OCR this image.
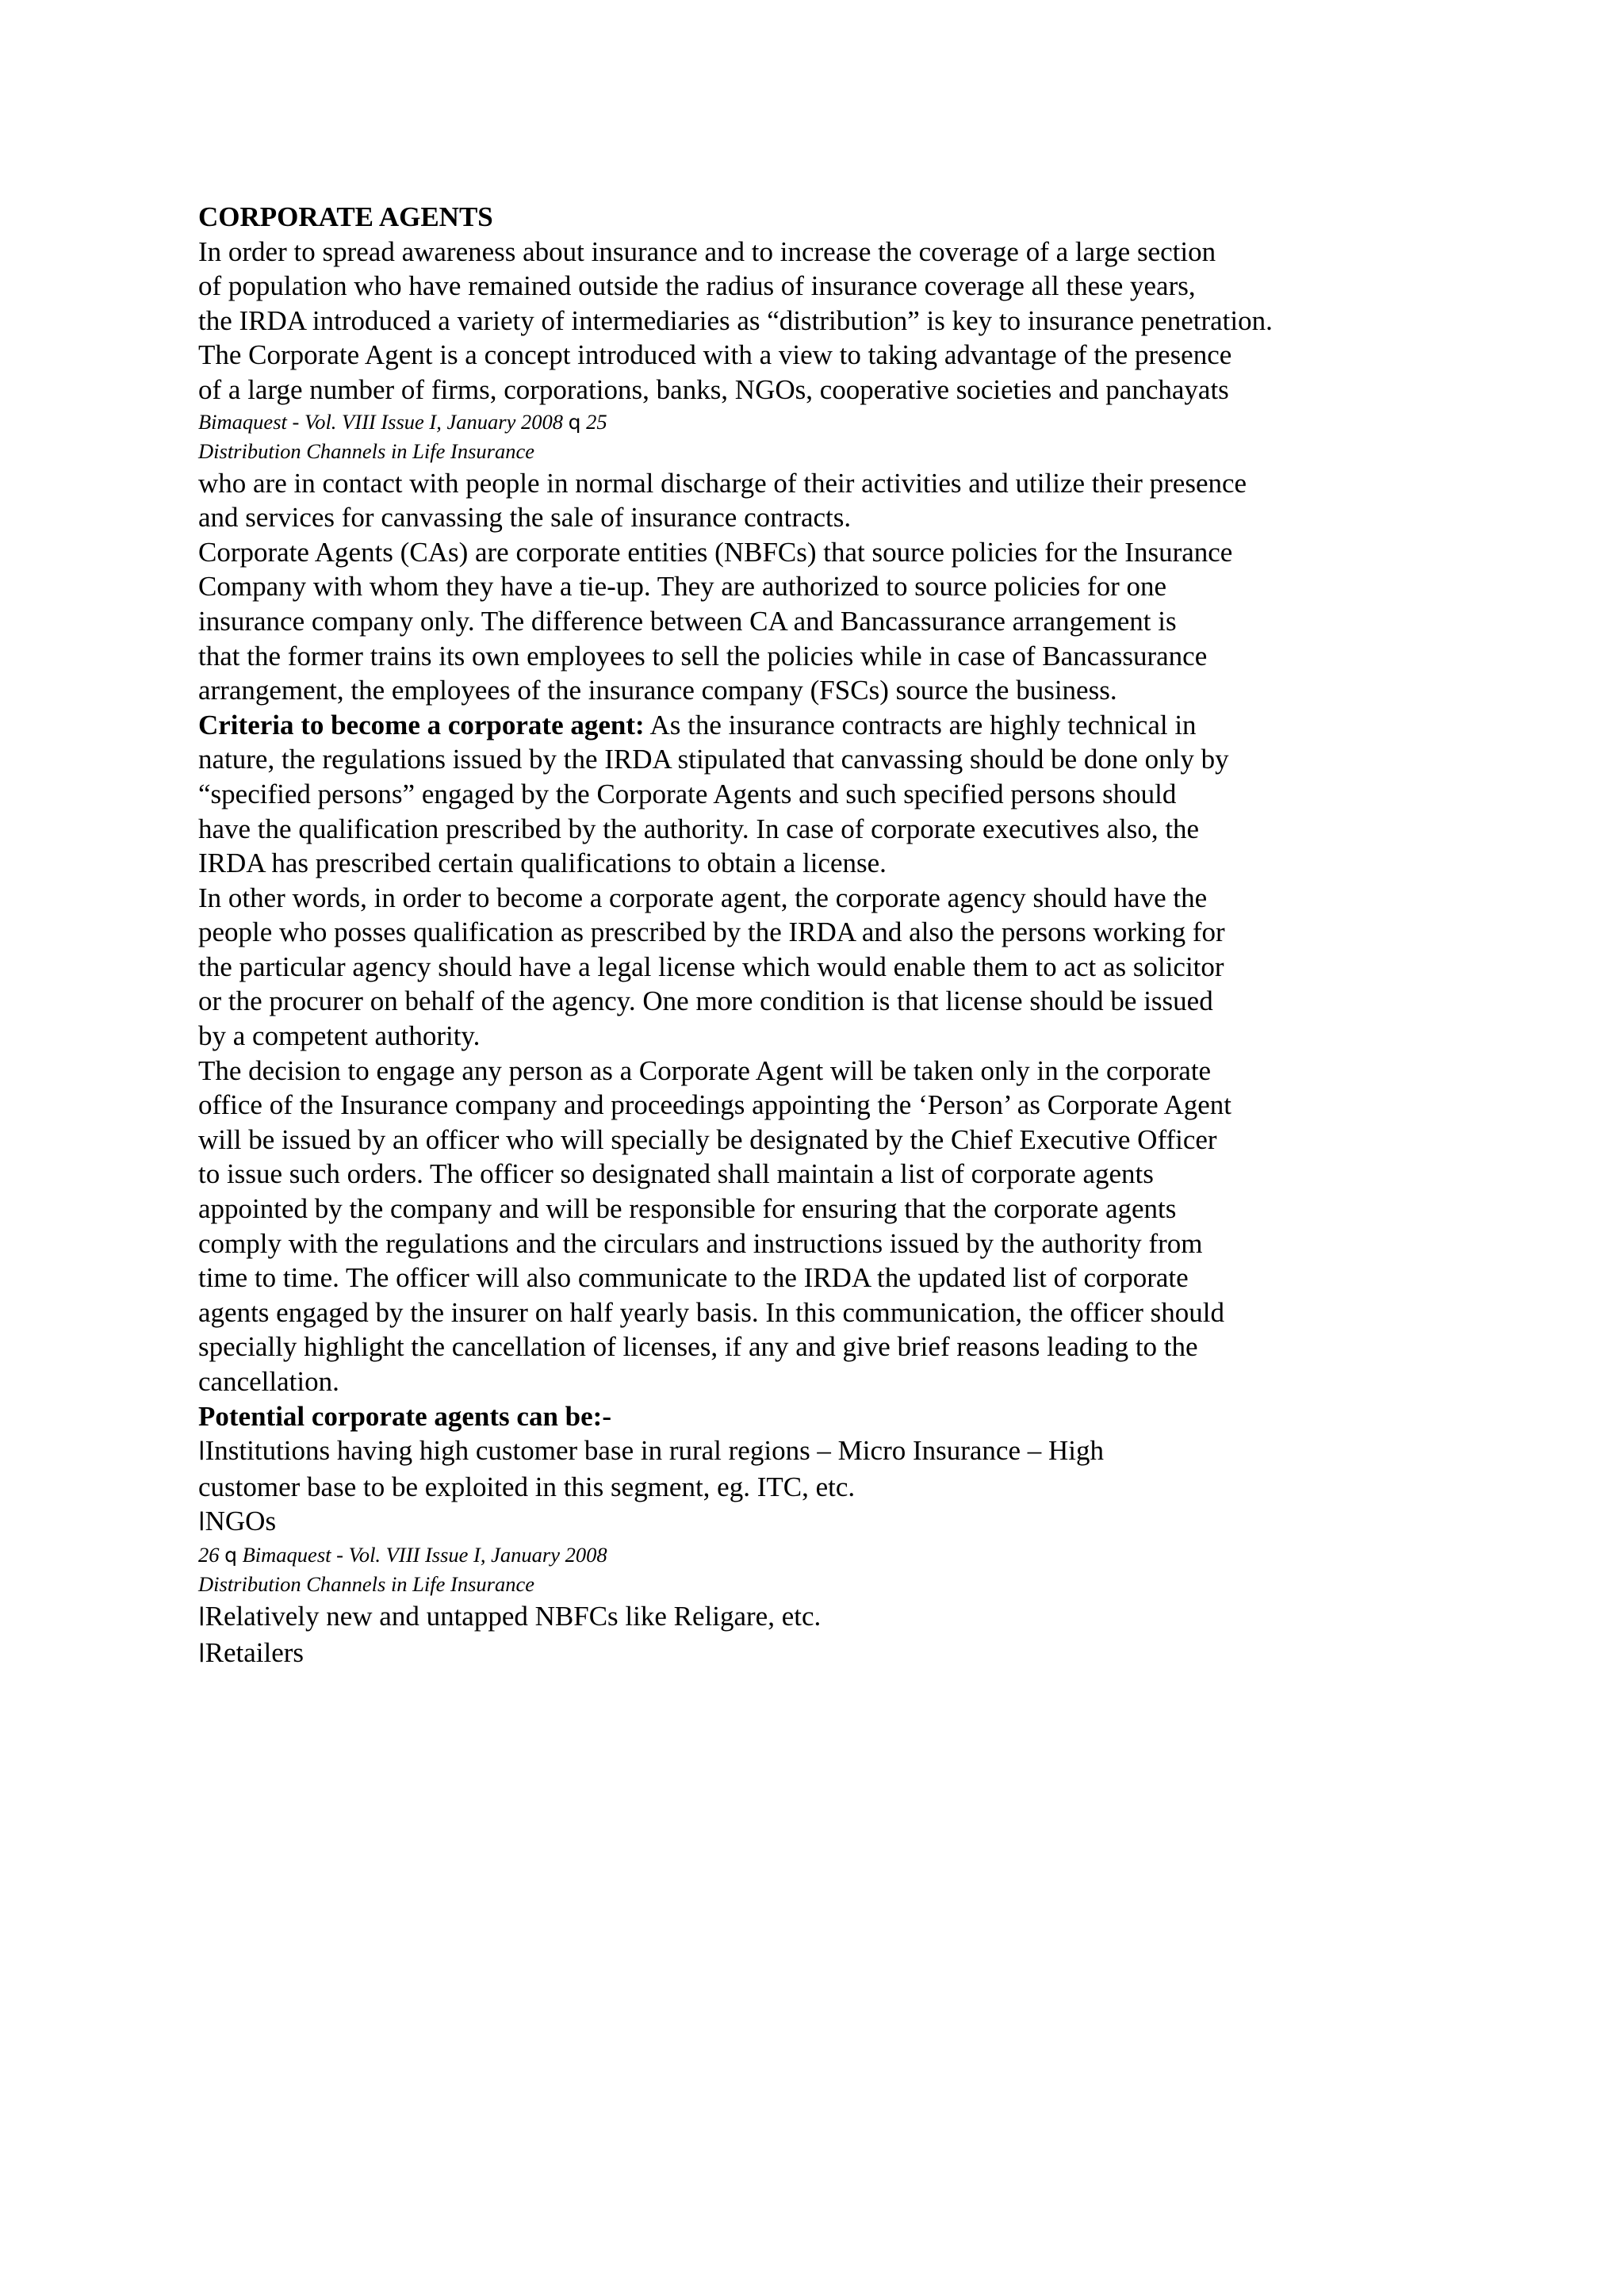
CORPORATE AGENTS
In order to spread awareness about insurance and to increase the coverage of a large section
of population who have remained outside the radius of insurance coverage all these years,
the IRDA introduced a variety of intermediaries as “distribution” is key to insurance penetration.
The Corporate Agent is a concept introduced with a view to taking advantage of the presence
of a large number of firms, corporations, banks, NGOs, cooperative societies and panchayats
Bimaquest - Vol. VIII Issue I, January 2008 q 25
Distribution Channels in Life Insurance
who are in contact with people in normal discharge of their activities and utilize their presence
and services for canvassing the sale of insurance contracts.
Corporate Agents (CAs) are corporate entities (NBFCs) that source policies for the Insurance
Company with whom they have a tie-up. They are authorized to source policies for one
insurance company only. The difference between CA and Bancassurance arrangement is
that the former trains its own employees to sell the policies while in case of Bancassurance
arrangement, the employees of the insurance company (FSCs) source the business.
Criteria to become a corporate agent: As the insurance contracts are highly technical in
nature, the regulations issued by the IRDA stipulated that canvassing should be done only by
“specified persons” engaged by the Corporate Agents and such specified persons should
have the qualification prescribed by the authority. In case of corporate executives also, the
IRDA has prescribed certain qualifications to obtain a license.
In other words, in order to become a corporate agent, the corporate agency should have the
people who posses qualification as prescribed by the IRDA and also the persons working for
the particular agency should have a legal license which would enable them to act as solicitor
or the procurer on behalf of the agency. One more condition is that license should be issued
by a competent authority.
The decision to engage any person as a Corporate Agent will be taken only in the corporate
office of the Insurance company and proceedings appointing the ‘Person’ as Corporate Agent
will be issued by an officer who will specially be designated by the Chief Executive Officer
to issue such orders. The officer so designated shall maintain a list of corporate agents
appointed by the company and will be responsible for ensuring that the corporate agents
comply with the regulations and the circulars and instructions issued by the authority from
time to time. The officer will also communicate to the IRDA the updated list of corporate
agents engaged by the insurer on half yearly basis. In this communication, the officer should
specially highlight the cancellation of licenses, if any and give brief reasons leading to the
cancellation.
Potential corporate agents can be:-
lInstitutions having high customer base in rural regions – Micro Insurance – High
customer base to be exploited in this segment, eg. ITC, etc.
lNGOs
26 q Bimaquest - Vol. VIII Issue I, January 2008
Distribution Channels in Life Insurance
lRelatively new and untapped NBFCs like Religare, etc.
lRetailers
